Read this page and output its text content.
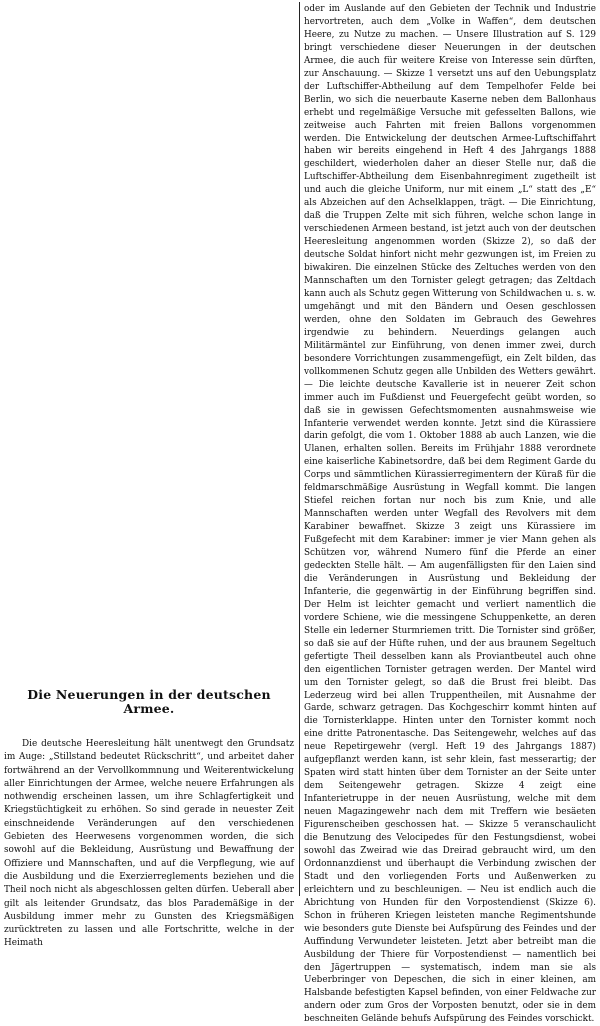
Die Neuerungen in der deutschen Armee.

Die deutsche Heeresleitung hält unentwegt den Grundsatz im Auge: „Stillstand bedeutet Rückschritt“, und arbeitet daher fortwährend an der Vervollkommnung und Weiterentwickelung aller Einrichtungen der Armee, welche neuere Erfahrungen als nothwendig erscheinen lassen, um ihre Schlagfertigkeit und Kriegstüchtigkeit zu erhöhen. So sind gerade in neuester Zeit einschneidende Veränderungen auf den verschiedenen Gebieten des Heerwesens vorgenommen worden, die sich sowohl auf die Bekleidung, Ausrüstung und Bewaffnung der Offiziere und Mannschaften, und auf die Verpflegung, wie auf die Ausbildung und die Exerzierreglements beziehen und die Theil noch nicht als abgeschlossen gelten dürfen. Ueberall aber gilt als leitender Grundsatz, das blos Parademäßige in der Ausbildung immer mehr zu Gunsten des Kriegsmäßigen zurücktreten zu lassen und alle Fortschritte, welche in der Heimath

oder im Auslande auf den Gebieten der Technik und Industrie hervortreten, auch dem „Volke in Waffen“, dem deutschen Heere, zu Nutze zu machen. — Unsere Illustration auf S. 129 bringt verschiedene dieser Neuerungen in der deutschen Armee, die auch für weitere Kreise von Interesse sein dürften, zur Anschauung. — Skizze 1 versetzt uns auf den Uebungsplatz der Luftschiffer-Abtheilung auf dem Tempelhofer Felde bei Berlin, wo sich die neuerbaute Kaserne neben dem Ballonhaus erhebt und regelmäßige Versuche mit gefesselten Ballons, wie zeitweise auch Fahrten mit freien Ballons vorgenommen werden. Die Entwickelung der deutschen Armee-Luftschiffahrt haben wir bereits eingehend in Heft 4 des Jahrgangs 1888 geschildert, wiederholen daher an dieser Stelle nur, daß die Luftschiffer-Abtheilung dem Eisenbahnregiment zugetheilt ist und auch die gleiche Uniform, nur mit einem „L“ statt des „E“ als Abzeichen auf den Achselklappen, trägt. — Die Einrichtung, daß die Truppen Zelte mit sich führen, welche schon lange in verschiedenen Armeen bestand, ist jetzt auch von der deutschen Heeresleitung angenommen worden (Skizze 2), so daß der deutsche Soldat hinfort nicht mehr gezwungen ist, im Freien zu biwakiren. Die einzelnen Stücke des Zeltuches werden von den Mannschaften um den Tornister gelegt getragen; das Zeltdach kann auch als Schutz gegen Witterung von Schildwachen u. s. w. umgehängt und mit den Bändern und Oesen geschlossen werden, ohne den Soldaten im Gebrauch des Gewehres irgendwie zu behindern. Neuerdings gelangen auch Militärmäntel zur Einführung, von denen immer zwei, durch besondere Vorrichtungen zusammengefügt, ein Zelt bilden, das vollkommenen Schutz gegen alle Unbilden des Wetters gewährt. — Die leichte deutsche Kavallerie ist in neuerer Zeit schon immer auch im Fußdienst und Feuergefecht geübt worden, so daß sie in gewissen Gefechtsmomenten ausnahmsweise wie Infanterie verwendet werden konnte. Jetzt sind die Kürassiere darin gefolgt, die vom 1. Oktober 1888 ab auch Lanzen, wie die Ulanen, erhalten sollen. Bereits im Frühjahr 1888 verordnete eine kaiserliche Kabinetsordre, daß bei dem Regiment Garde du Corps und sämmtlichen Kürassierregimentern der Küraß für die feldmarschmäßige Ausrüstung in Wegfall kommt. Die langen Stiefel reichen fortan nur noch bis zum Knie, und alle Mannschaften werden unter Wegfall des Revolvers mit dem Karabiner bewaffnet. Skizze 3 zeigt uns Kürassiere im Fußgefecht mit dem Karabiner: immer je vier Mann gehen als Schützen vor, während Numero fünf die Pferde an einer gedeckten Stelle hält. — Am augenfälligsten für den Laien sind die Veränderungen in Ausrüstung und Bekleidung der Infanterie, die gegenwärtig in der Einführung begriffen sind. Der Helm ist leichter gemacht und verliert namentlich die vordere Schiene, wie die messingene Schuppenkette, an deren Stelle ein lederner Sturmriemen tritt. Die Tornister sind größer, so daß sie auf der Hüfte ruhen, und der aus braunem Segeltuch gefertigte Theil desselben kann als Proviantbeutel auch ohne den eigentlichen Tornister getragen werden. Der Mantel wird um den Tornister gelegt, so daß die Brust frei bleibt. Das Lederzeug wird bei allen Truppentheilen, mit Ausnahme der Garde, schwarz getragen. Das Kochgeschirr kommt hinten auf die Tornisterklappe. Hinten unter den Tornister kommt noch eine dritte Patronentasche. Das Seitengewehr, welches auf das neue Repetirgewehr (vergl. Heft 19 des Jahrgangs 1887) aufgepflanzt werden kann, ist sehr klein, fast messerartig; der Spaten wird statt hinten über dem Tornister an der Seite unter dem Seitengewehr getragen. Skizze 4 zeigt eine Infanterietruppe in der neuen Ausrüstung, welche mit dem neuen Magazingewehr nach dem mit Treffern wie besäeten Figurenscheiben geschossen hat. — Skizze 5 veranschaulicht die Benutzung des Velocipedes für den Festungsdienst, wobei sowohl das Zweirad wie das Dreirad gebraucht wird, um den Ordonnanzdienst und überhaupt die Verbindung zwischen der Stadt und den vorliegenden Forts und Außenwerken zu erleichtern und zu beschleunigen. — Neu ist endlich auch die Abrichtung von Hunden für den Vorpostendienst (Skizze 6). Schon in früheren Kriegen leisteten manche Regimentshunde wie besonders gute Dienste bei Aufspürung des Feindes und der Auffindung Verwundeter leisteten. Jetzt aber betreibt man die Ausbildung der Thiere für Vorpostendienst — namentlich bei den Jägertruppen — systematisch, indem man sie als Ueberbringer von Depeschen, die sich in einer kleinen, am Halsbande befestigten Kapsel befinden, von einer Feldwache zur andern oder zum Gros der Vorposten benutzt, oder sie in dem beschneiten Gelände behufs Aufspürung des Feindes vorschickt.
